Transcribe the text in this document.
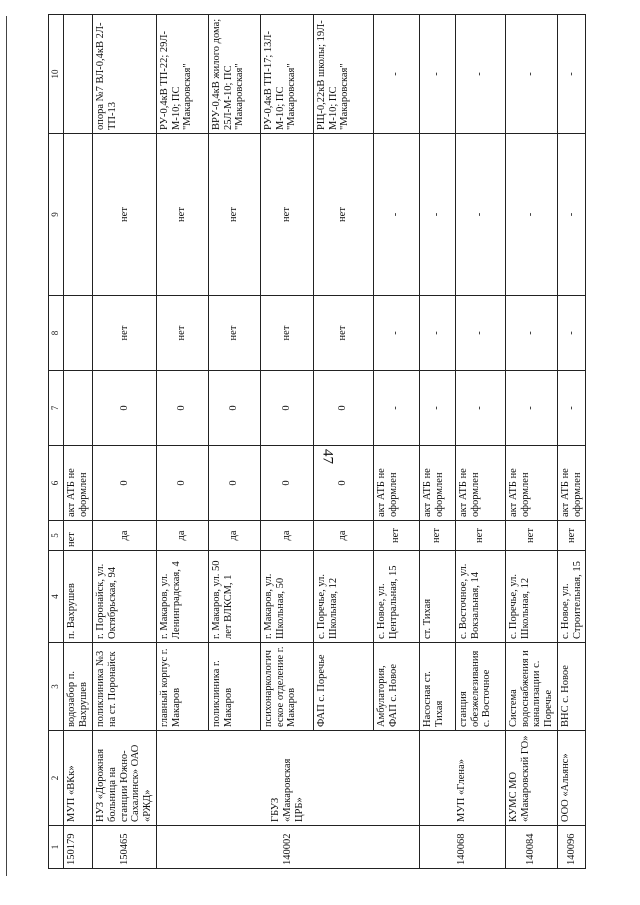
47
1	2	3	4	5	6	7	8	9	10
150179	МУП «ВКк»	водозабор п. Вахрушев	п. Вахрушев	нет	акт АТБ не оформлен				
150465	НУЗ «Дорожная больница на станции Южно-Сахалинск» ОАО «РЖД»	поликлиника №3 на ст. Поронайск	г. Поронайск, ул. Октябрьская, 94	да	0	0	нет	нет	опора №7 ВЛ-0,4кВ 2Л-ТП-13
140002	ГБУЗ «Макаровская ЦРБ»	главный корпус г. Макаров	г. Макаров, ул. Ленинградская, 4	да	0	0	нет	нет	РУ-0,4кВ ТП-22; 29Л-М-10; ПС "Макаровская"
		поликлиника г. Макаров	г. Макаров, ул. 50 лет ВЛКСМ, 1	да	0	0	нет	нет	ВРУ-0,4кВ жилого дома; 25Л-М-10; ПС "Макаровская"
		психонаркологическое отделение г. Макаров	г. Макаров, ул. Школьная, 50	да	0	0	нет	нет	РУ-0,4кВ ТП-17; 13Л-М-10; ПС "Макаровская"
		ФАП с. Поречье	с. Поречье, ул. Школьная, 12	да	0	0	нет	нет	РЩ-0,22кВ школы; 19Л-М-10; ПС "Макаровская"
		Амбулатория, ФАП с. Новое	с. Новое, ул. Центральная, 15	нет	акт АТБ не оформлен	-	-	-	-
140068	МУП «Глена»	Насосная ст. Тихая	ст. Тихая	нет	акт АТБ не оформлен	-	-	-	-
		станция обезжелезивания с. Восточное	с. Восточное, ул. Вокзальная, 14	нет	акт АТБ не оформлен	-	-	-	-
140084	КУМС МО «Макаровский ГО»	Система водоснабжения и канализации с. Поречье	с. Поречье, ул. Школьная, 12	нет	акт АТБ не оформлен	-	-	-	-
140096	ООО «Альянс»	ВНС с. Новое	с. Новое, ул. Строительная, 15	нет	акт АТБ не оформлен	-	-	-	-
